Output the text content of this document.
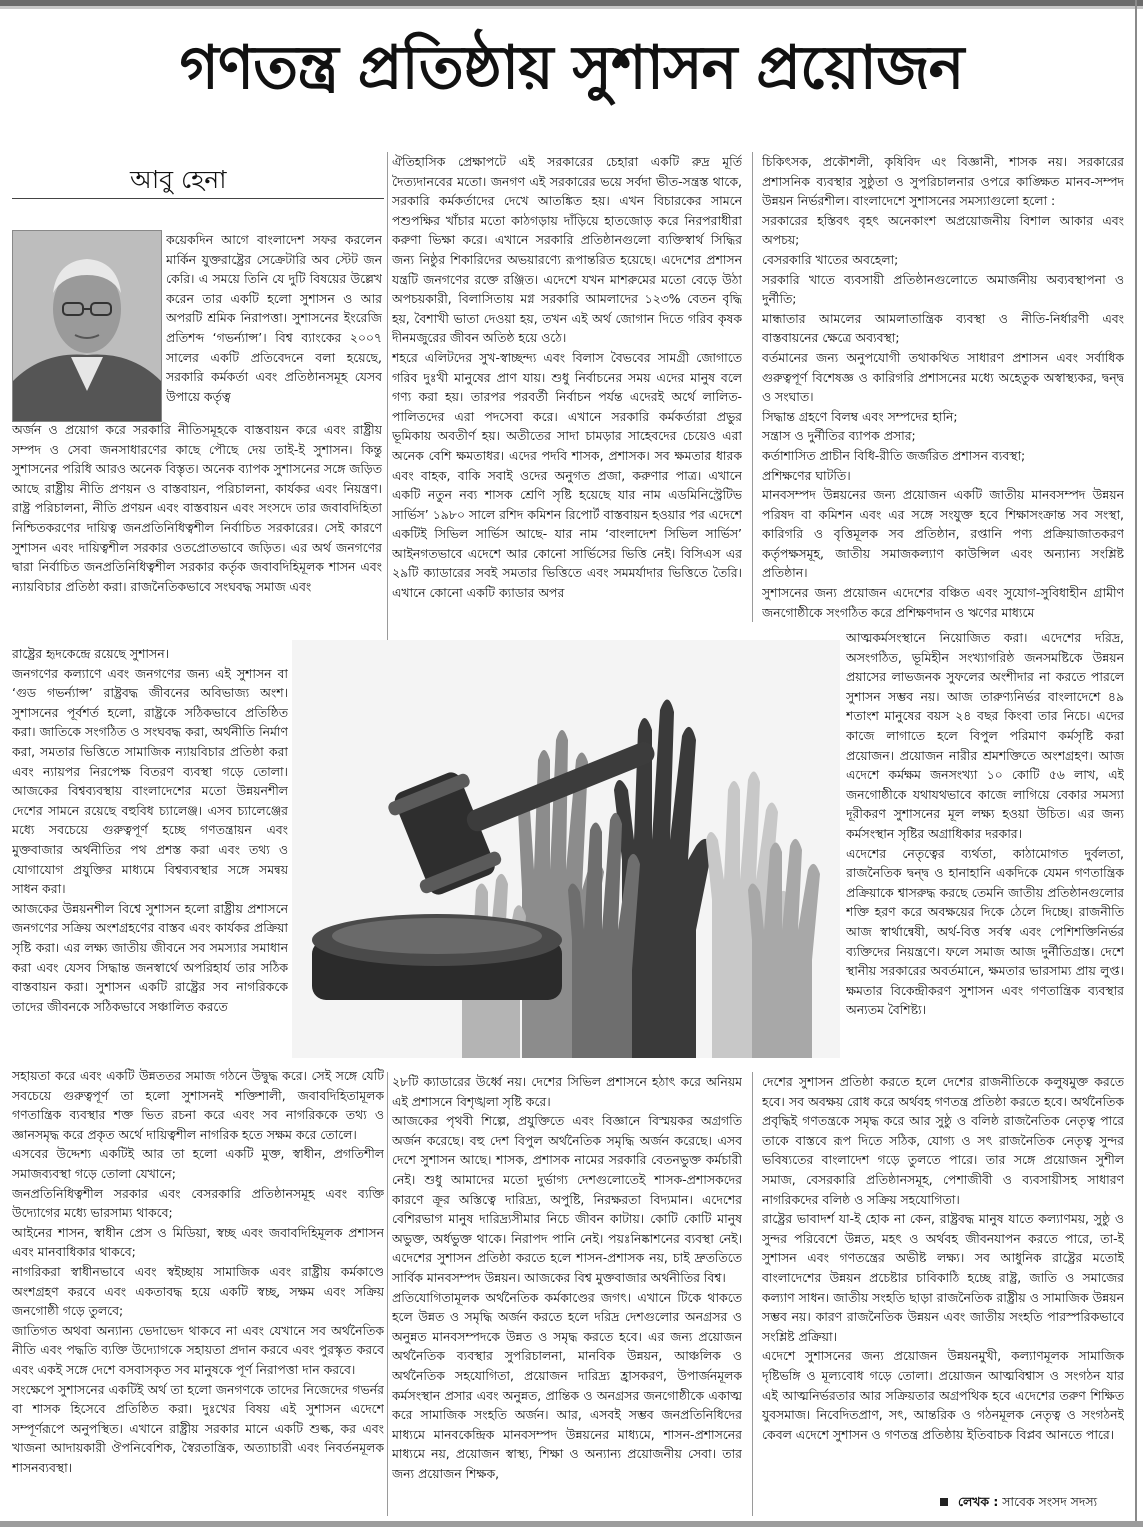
গণতন্ত্র প্রতিষ্ঠায় সুশাসন প্রয়োজন
আবু হেনা

কয়েকদিন আগে বাংলাদেশ সফর করলেন মার্কিন যুক্তরাষ্ট্রের সেক্রেটারি অব স্টেট জন কেরি। এ সময়ে তিনি যে দুটি বিষয়ের উল্লেখ করেন তার একটি হলো সুশাসন ও আর অপরটি শ্রমিক নিরাপত্তা। সুশাসনের ইংরেজি প্রতিশব্দ ‘গভর্ন্যান্স’। বিশ্ব ব্যাংকের ২০০৭ সালের একটি প্রতিবেদনে বলা হয়েছে, সরকারি কর্মকর্তা এবং প্রতিষ্ঠানসমূহ যেসব উপায়ে কর্তৃত্ব

অর্জন ও প্রয়োগ করে সরকারি নীতিসমূহকে বাস্তবায়ন করে এবং রাষ্ট্রীয় সম্পদ ও সেবা জনসাধারণের কাছে পৌছে দেয় তাই-ই সুশাসন। কিন্তু সুশাসনের পরিধি আরও অনেক বিস্তৃত। অনেক ব্যাপক সুশাসনের সঙ্গে জড়িত আছে রাষ্ট্রীয় নীতি প্রণয়ন ও বাস্তবায়ন, পরিচালনা, কার্যকর এবং নিয়ন্ত্রণ। রাষ্ট্র পরিচালনা, নীতি প্রণয়ন এবং বাস্তবায়ন এবং সংসদে তার জবাবদিহিতা নিশ্চিতকরণের দায়িত্ব জনপ্রতিনিধিত্বশীল নির্বাচিত সরকারের। সেই কারণে সুশাসন এবং দায়িত্বশীল সরকার ওতপ্রোতভাবে জড়িত। এর অর্থ জনগণের দ্বারা নির্বাচিত জনপ্রতিনিধিত্বশীল সরকার কর্তৃক জবাবদিহিমূলক শাসন এবং ন্যায়বিচার প্রতিষ্ঠা করা। রাজনৈতিকভাবে সংঘবদ্ধ সমাজ এবং

রাষ্ট্রের হৃদকেন্দ্রে রয়েছে সুশাসন।

জনগণের কল্যাণে এবং জনগণের জন্য এই সুশাসন বা ‘গুড গভর্ন্যান্স’ রাষ্ট্রবদ্ধ জীবনের অবিভাজ্য অংশ। সুশাসনের পূর্বশর্ত হলো, রাষ্ট্রকে সঠিকভাবে প্রতিষ্ঠিত করা। জাতিকে সংগঠিত ও সংঘবদ্ধ করা, অর্থনীতি নির্মাণ করা, সমতার ভিত্তিতে সামাজিক ন্যায়বিচার প্রতিষ্ঠা করা এবং ন্যায়পর নিরপেক্ষ বিতরণ ব্যবস্থা গড়ে তোলা। আজকের বিশ্বব্যবস্থায় বাংলাদেশের মতো উন্নয়নশীল দেশের সামনে রয়েছে বহুবিধ চ্যালেঞ্জ। এসব চ্যালেঞ্জের মধ্যে সবচেয়ে গুরুত্বপূর্ণ হচ্ছে গণতন্ত্রায়ন এবং মুক্তবাজার অর্থনীতির পথ প্রশস্ত করা এবং তথ্য ও যোগাযোগ প্রযুক্তির মাধ্যমে বিশ্বব্যবস্থার সঙ্গে সমন্বয় সাধন করা।

আজকের উন্নয়নশীল বিশ্বে সুশাসন হলো রাষ্ট্রীয় প্রশাসনে জনগণের সক্রিয় অংশগ্রহণের বাস্তব এবং কার্যকর প্রক্রিয়া সৃষ্টি করা। এর লক্ষ্য জাতীয় জীবনে সব সমস্যার সমাধান করা এবং যেসব সিদ্ধান্ত জনস্বার্থে অপরিহার্য তার সঠিক বাস্তবায়ন করা। সুশাসন একটি রাষ্ট্রের সব নাগরিককে তাদের জীবনকে সঠিকভাবে সঞ্চালিত করতে

সহায়তা করে এবং একটি উন্নততর সমাজ গঠনে উদ্বুদ্ধ করে। সেই সঙ্গে যেটি সবচেয়ে গুরুত্বপূর্ণ তা হলো সুশাসনই শক্তিশালী, জবাবদিহিতামূলক গণতান্ত্রিক ব্যবস্থার শক্ত ভিত রচনা করে এবং সব নাগরিককে তথ্য ও জ্ঞানসমৃদ্ধ করে প্রকৃত অর্থে দায়িত্বশীল নাগরিক হতে সক্ষম করে তোলে।

এসবের উদ্দেশ্য একটিই আর তা হলো একটি মুক্ত, স্বাধীন, প্রগতিশীল সমাজব্যবস্থা গড়ে তোলা যেখানে;

জনপ্রতিনিধিত্বশীল সরকার এবং বেসরকারি প্রতিষ্ঠানসমূহ এবং ব্যক্তি উদ্যোগের মধ্যে ভারসাম্য থাকবে;

আইনের শাসন, স্বাধীন প্রেস ও মিডিয়া, স্বচ্ছ এবং জবাবদিহিমূলক প্রশাসন এবং মানবাধিকার থাকবে;

নাগরিকরা স্বাধীনভাবে এবং স্বইচ্ছায় সামাজিক এবং রাষ্ট্রীয় কর্মকাণ্ডে অংশগ্রহণ করবে এবং একতাবদ্ধ হয়ে একটি স্বচ্ছ, সক্ষম এবং সক্রিয় জনগোষ্ঠী গড়ে তুলবে;

জাতিগত অথবা অন্যান্য ভেদাভেদ থাকবে না এবং যেখানে সব অর্থনৈতিক নীতি এবং পদ্ধতি ব্যক্তি উদ্যোগকে সহায়তা প্রদান করবে এবং পুরস্কৃত করবে এবং একই সঙ্গে দেশে বসবাসকৃত সব মানুষকে পূর্ণ নিরাপত্তা দান করবে।

সংক্ষেপে সুশাসনের একটিই অর্থ তা হলো জনগণকে তাদের নিজেদের গভর্নর বা শাসক হিসেবে প্রতিষ্ঠিত করা। দুঃখের বিষয় এই সুশাসন এদেশে সম্পূর্ণরূপে অনুপস্থিত। এখানে রাষ্ট্রীয় সরকার মানে একটি শুল্ক, কর এবং খাজনা আদায়কারী ঔপনিবেশিক, স্বৈরতান্ত্রিক, অত্যাচারী এবং নিবর্তনমূলক শাসনব্যবস্থা।

ঐতিহাসিক প্রেক্ষাপটে এই সরকারের চেহারা একটি রুদ্র মূর্তি দৈত্যদানবের মতো। জনগণ এই সরকারের ভয়ে সর্বদা ভীত-সন্ত্রস্ত থাকে, সরকারি কর্মকর্তাদের দেখে আতঙ্কিত হয়। এখন বিচারকের সামনে পশুপক্ষির খাঁচার মতো কাঠগড়ায় দাঁড়িয়ে হাতজোড় করে নিরপরাধীরা করুণা ভিক্ষা করে। এখানে সরকারি প্রতিষ্ঠানগুলো ব্যক্তিস্বার্থ সিদ্ধির জন্য নিষ্ঠুর শিকারিদের অভয়ারণ্যে রূপান্তরিত হয়েছে। এদেশের প্রশাসন যন্ত্রটি জনগণের রক্তে রঞ্জিত। এদেশে যখন মাশরুমের মতো বেড়ে উঠা অপচয়কারী, বিলাসিতায় মগ্ন সরকারি আমলাদের ১২৩% বেতন বৃদ্ধি হয়, বৈশাখী ভাতা দেওয়া হয়, তখন এই অর্থ জোগান দিতে গরিব কৃষক দীনমজুরের জীবন অতিষ্ঠ হয়ে ওঠে।

শহরে এলিটদের সুখ-স্বাচ্ছন্দ্য এবং বিলাস বৈভবের সামগ্রী জোগাতে গরিব দুঃখী মানুষের প্রাণ যায়। শুধু নির্বাচনের সময় এদের মানুষ বলে গণ্য করা হয়। তারপর পরবর্তী নির্বাচন পর্যন্ত এদেরই অর্থে লালিত-পালিতদের এরা পদসেবা করে। এখানে সরকারি কর্মকর্তারা প্রভুর ভূমিকায় অবতীর্ণ হয়। অতীতের সাদা চামড়ার সাহেবদের চেয়েও এরা অনেক বেশি ক্ষমতাধর। এদের পদবি শাসক, প্রশাসক। সব ক্ষমতার ধারক এবং বাহক, বাকি সবাই ওদের অনুগত প্রজা, করুণার পাত্র। এখানে একটি নতুন নব্য শাসক শ্রেণি সৃষ্টি হয়েছে যার নাম এডমিনিস্ট্রেটিভ সার্ভিস’ ১৯৮০ সালে রশিদ কমিশন রিপোর্ট বাস্তবায়ন হওয়ার পর এদেশে একটিই সিভিল সার্ভিস আছে- যার নাম ‘বাংলাদেশ সিভিল সার্ভিস’ আইনগতভাবে এদেশে আর কোনো সার্ভিসের ভিত্তি নেই। বিসিএস এর ২৯টি ক্যাডারের সবই সমতার ভিত্তিতে এবং সমমর্যাদার ভিত্তিতে তৈরি। এখানে কোনো একটি ক্যাডার অপর

২৮টি ক্যাডারের উর্ধ্বে নয়। দেশের সিভিল প্রশাসনে হঠাৎ করে অনিয়ম এই প্রশাসনে বিশৃঙ্খলা সৃষ্টি করে।

আজকের পৃথবী শিল্পে, প্রযুক্তিতে এবং বিজ্ঞানে বিস্ময়কর অগ্রগতি অর্জন করেছে। বহু দেশ বিপুল অর্থনৈতিক সমৃদ্ধি অর্জন করেছে। এসব দেশে সুশাসন আছে। শাসক, প্রশাসক নামের সরকারি বেতনভুক্ত কর্মচারী নেই। শুধু আমাদের মতো দুর্ভাগ্য দেশগুলোতেই শাসক-প্রশাসকদের কারণে ক্রূর অস্তিত্বে দারিদ্র্য, অপুষ্টি, নিরক্ষরতা বিদ্যমান। এদেশের বেশিরভাগ মানুষ দারিদ্র্যসীমার নিচে জীবন কাটায়। কোটি কোটি মানুষ অভুক্ত, অর্ধভুক্ত থাকে। নিরাপদ পানি নেই। পয়ঃনিষ্কাশনের ব্যবস্থা নেই। এদেশের সুশাসন প্রতিষ্ঠা করতে হলে শাসন-প্রশাসক নয়, চাই দ্রুততিতে সার্বিক মানবসম্পদ উন্নয়ন। আজকের বিশ্ব মুক্তবাজার অর্থনীতির বিশ্ব।

প্রতিযোগিতামূলক অর্থনৈতিক কর্মকাণ্ডের জগৎ। এখানে টিকে থাকতে হলে উন্নত ও সমৃদ্ধি অর্জন করতে হলে দরিদ্র দেশগুলোর অনগ্রসর ও অনুন্নত মানবসম্পদকে উন্নত ও সমৃদ্ধ করতে হবে। এর জন্য প্রয়োজন অর্থনৈতিক ব্যবস্থার সুপরিচালনা, মানবিক উন্নয়ন, আঞ্চলিক ও অর্থনৈতিক সহযোগিতা, প্রয়োজন দারিদ্র্য হ্রাসকরণ, উপার্জনমূলক কর্মসংস্থান প্রসার এবং অনুন্নত, প্রান্তিক ও অনগ্রসর জনগোষ্ঠীকে একাত্ম করে সামাজিক সংহতি অর্জন। আর, এসবই সম্ভব জনপ্রতিনিধিদের মাধ্যমে মানবকেন্দ্রিক মানবসম্পদ উন্নয়নের মাধ্যমে, শাসন-প্রশাসনের মাধ্যমে নয়, প্রয়োজন স্বাস্থ্য, শিক্ষা ও অন্যান্য প্রয়োজনীয় সেবা। তার জন্য প্রয়োজন শিক্ষক,

চিকিৎসক, প্রকৌশলী, কৃষিবিদ এং বিজ্ঞানী, শাসক নয়। সরকারের প্রশাসনিক ব্যবস্থার সুষ্ঠুতা ও সুপরিচালনার ওপরে কাঙ্ক্ষিত মানব-সম্পদ উন্নয়ন নির্ভরশীল। বাংলাদেশে সুশাসনের সমস্যাগুলো হলো :

সরকারের হস্তিবৎ বৃহৎ অনেকাংশ অপ্রয়োজনীয় বিশাল আকার এবং অপচয়;

বেসরকারি খাতের অবহেলা;

সরকারি খাতে ব্যবসায়ী প্রতিষ্ঠানগুলোতে অমার্জনীয় অব্যবস্থাপনা ও দুর্নীতি;

মান্ধাতার আমলের আমলাতান্ত্রিক ব্যবস্থা ও নীতি-নির্ধারণী এবং বাস্তবায়নের ক্ষেত্রে অব্যবস্থা;

বর্তমানের জন্য অনুপযোগী তথাকথিত সাধারণ প্রশাসন এবং সর্বাধিক গুরুত্বপূর্ণ বিশেষজ্ঞ ও কারিগরি প্রশাসনের মধ্যে অহেতুক অস্বাস্থ্যকর, দ্বন্দ্ব ও সংঘাত।

সিদ্ধান্ত গ্রহণে বিলম্ব এবং সম্পদের হানি;

সন্ত্রাস ও দুর্নীতির ব্যাপক প্রসার;

কর্তাশাসিত প্রাচীন বিধি-রীতি জর্জরিত প্রশাসন ব্যবস্থা;

প্রশিক্ষণের ঘাটতি।

মানবসম্পদ উন্নয়নের জন্য প্রয়োজন একটি জাতীয় মানবসম্পদ উন্নয়ন পরিষদ বা কমিশন এবং এর সঙ্গে সংযুক্ত হবে শিক্ষাসংক্রান্ত সব সংস্থা, কারিগরি ও বৃত্তিমূলক সব প্রতিষ্ঠান, রপ্তানি পণ্য প্রক্রিয়াজাতকরণ কর্তৃপক্ষসমূহ, জাতীয় সমাজকল্যাণ কাউন্সিল এবং অন্যান্য সংশ্লিষ্ট প্রতিষ্ঠান।

সুশাসনের জন্য প্রয়োজন এদেশের বঞ্চিত এবং সুযোগ-সুবিধাহীন গ্রামীণ জনগোষ্ঠীকে সংগঠিত করে প্রশিক্ষণদান ও ঋণের মাধ্যমে

আত্মকর্মসংস্থানে নিয়োজিত করা। এদেশের দরিদ্র, অসংগঠিত, ভূমিহীন সংখ্যাগরিষ্ঠ জনসমষ্টিকে উন্নয়ন প্রয়াসের লাভজনক সুফলের অংশীদার না করতে পারলে সুশাসন সম্ভব নয়। আজ তারুণ্যনির্ভর বাংলাদেশে ৪৯ শতাংশ মানুষের বয়স ২৪ বছর কিংবা তার নিচে। এদের কাজে লাগাতে হলে বিপুল পরিমাণ কর্মসৃষ্টি করা প্রয়োজন। প্রয়োজন নারীর শ্রমশক্তিতে অংশগ্রহণ। আজ এদেশে কর্মক্ষম জনসংখ্যা ১০ কোটি ৫৬ লাখ, এই জনগোষ্ঠীকে যথাযথভাবে কাজে লাগিয়ে বেকার সমস্যা দূরীকরণ সুশাসনের মূল লক্ষ্য হওয়া উচিত। এর জন্য কর্মসংস্থান সৃষ্টির অগ্রাধিকার দরকার।

এদেশের নেতৃত্বের ব্যর্থতা, কাঠামোগত দুর্বলতা, রাজনৈতিক দ্বন্দ্ব ও হানাহানি একদিকে যেমন গণতান্ত্রিক প্রক্রিয়াকে শ্বাসরুদ্ধ করছে তেমনি জাতীয় প্রতিষ্ঠানগুলোর শক্তি হরণ করে অবক্ষয়ের দিকে ঠেলে দিচ্ছে। রাজনীতি আজ স্বার্থান্বেষী, অর্থ-বিত্ত সর্বস্ব এবং পেশিশক্তিনির্ভর ব্যক্তিদের নিয়ন্ত্রণে। ফলে সমাজ আজ দুর্নীতিগ্রস্ত। দেশে স্থানীয় সরকারের অবর্তমানে, ক্ষমতার ভারসাম্য প্রায় লুপ্ত। ক্ষমতার বিকেন্দ্রীকরণ সুশাসন এবং গণতান্ত্রিক ব্যবস্থার অন্যতম বৈশিষ্ট্য।

দেশের সুশাসন প্রতিষ্ঠা করতে হলে দেশের রাজনীতিকে কলুষমুক্ত করতে হবে। সব অবক্ষয় রোধ করে অর্থবহ গণতন্ত্র প্রতিষ্ঠা করতে হবে। অর্থনৈতিক প্রবৃদ্ধিই গণতন্ত্রকে সমৃদ্ধ করে আর সুষ্ঠু ও বলিষ্ঠ রাজনৈতিক নেতৃত্ব পারে তাকে বাস্তবে রূপ দিতে সঠিক, যোগ্য ও সৎ রাজনৈতিক নেতৃত্ব সুন্দর ভবিষ্যতের বাংলাদেশ গড়ে তুলতে পারে। তার সঙ্গে প্রয়োজন সুশীল সমাজ, বেসরকারি প্রতিষ্ঠানসমূহ, পেশাজীবী ও ব্যবসায়ীসহ সাধারণ নাগরিকদের বলিষ্ঠ ও সক্রিয় সহযোগিতা।

রাষ্ট্রের ভাবাদর্শ যা-ই হোক না কেন, রাষ্ট্রবদ্ধ মানুষ যাতে কল্যাণময়, সুষ্ঠু ও সুন্দর পরিবেশে উন্নত, মহৎ ও অর্থবহ জীবনযাপন করতে পারে, তা-ই সুশাসন এবং গণতন্ত্রের অভীষ্ট লক্ষ্য। সব আধুনিক রাষ্ট্রের মতোই বাংলাদেশের উন্নয়ন প্রচেষ্টার চাবিকাঠি হচ্ছে রাষ্ট্র, জাতি ও সমাজের কল্যাণ সাধন। জাতীয় সংহতি ছাড়া রাজনৈতিক রাষ্ট্রীয় ও সামাজিক উন্নয়ন সম্ভব নয়। কারণ রাজনৈতিক উন্নয়ন এবং জাতীয় সংহতি পারস্পরিকভাবে সংশ্লিষ্ট প্রক্রিয়া।

এদেশে সুশাসনের জন্য প্রয়োজন উন্নয়নমুখী, কল্যাণমূলক সামাজিক দৃষ্টিভঙ্গি ও মূল্যবোধ গড়ে তোলা। প্রয়োজন আত্মবিশ্বাস ও সংগঠন যার এই আত্মনির্ভরতার আর সক্রিয়তার অগ্রপথিক হবে এদেশের তরুণ শিক্ষিত যুবসমাজ। নিবেদিতপ্রাণ, সৎ, আন্তরিক ও গঠনমূলক নেতৃত্ব ও সংগঠনই কেবল এদেশে সুশাসন ও গণতন্ত্র প্রতিষ্ঠায় ইতিবাচক বিপ্লব আনতে পারে।

লেখক : সাবেক সংসদ সদস্য
